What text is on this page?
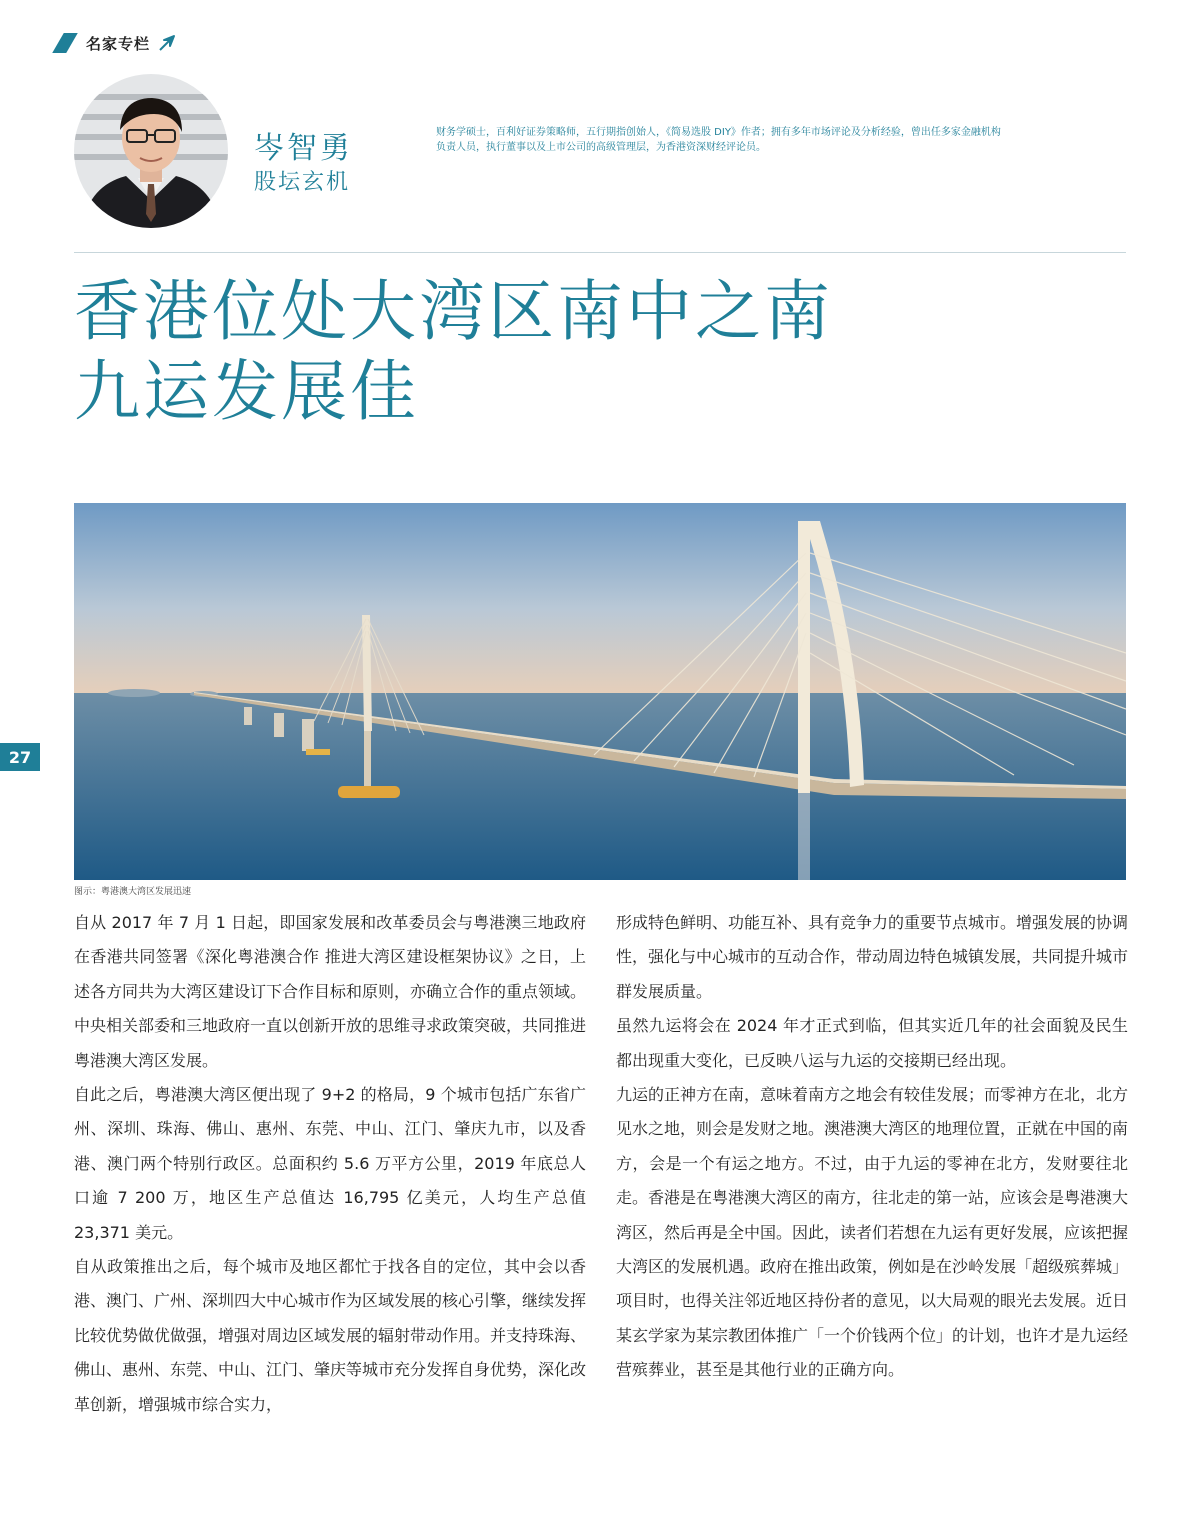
名家专栏
岑智勇
股坛玄机
财务学硕士，百利好证券策略师，五行期指创始人，《简易选股 DIY》作者；拥有多年市场评论及分析经验，曾出任多家金融机构负责人员，执行董事以及上市公司的高级管理层，为香港资深财经评论员。
香港位处大湾区南中之南
九运发展佳
图示：粤港澳大湾区发展迅速
27

自从 2017 年 7 月 1 日起，即国家发展和改革委员会与粤港澳三地政府在香港共同签署《深化粤港澳合作 推进大湾区建设框架协议》之日，上述各方同共为大湾区建设订下合作目标和原则，亦确立合作的重点领域。中央相关部委和三地政府一直以创新开放的思维寻求政策突破，共同推进粤港澳大湾区发展。

自此之后，粤港澳大湾区便出现了 9+2 的格局，9 个城市包括广东省广州、深圳、珠海、佛山、惠州、东莞、中山、江门、肇庆九市，以及香港、澳门两个特别行政区。总面积约 5.6 万平方公里，2019 年底总人口逾 7 200 万，地区生产总值达 16,795 亿美元，人均生产总值 23,371 美元。

自从政策推出之后，每个城市及地区都忙于找各自的定位，其中会以香港、澳门、广州、深圳四大中心城市作为区域发展的核心引擎，继续发挥比较优势做优做强，增强对周边区域发展的辐射带动作用。并支持珠海、佛山、惠州、东莞、中山、江门、肇庆等城市充分发挥自身优势，深化改革创新，增强城市综合实力，

形成特色鲜明、功能互补、具有竞争力的重要节点城市。增强发展的协调性，强化与中心城市的互动合作，带动周边特色城镇发展，共同提升城市群发展质量。

虽然九运将会在 2024 年才正式到临，但其实近几年的社会面貌及民生都出现重大变化，已反映八运与九运的交接期已经出现。

九运的正神方在南，意味着南方之地会有较佳发展；而零神方在北，北方见水之地，则会是发财之地。澳港澳大湾区的地理位置，正就在中国的南方，会是一个有运之地方。不过，由于九运的零神在北方，发财要往北走。香港是在粤港澳大湾区的南方，往北走的第一站，应该会是粤港澳大湾区，然后再是全中国。因此，读者们若想在九运有更好发展，应该把握大湾区的发展机遇。政府在推出政策，例如是在沙岭发展「超级殡葬城」项目时，也得关注邻近地区持份者的意见，以大局观的眼光去发展。近日某玄学家为某宗教团体推广「一个价钱两个位」的计划，也许才是九运经营殡葬业，甚至是其他行业的正确方向。
